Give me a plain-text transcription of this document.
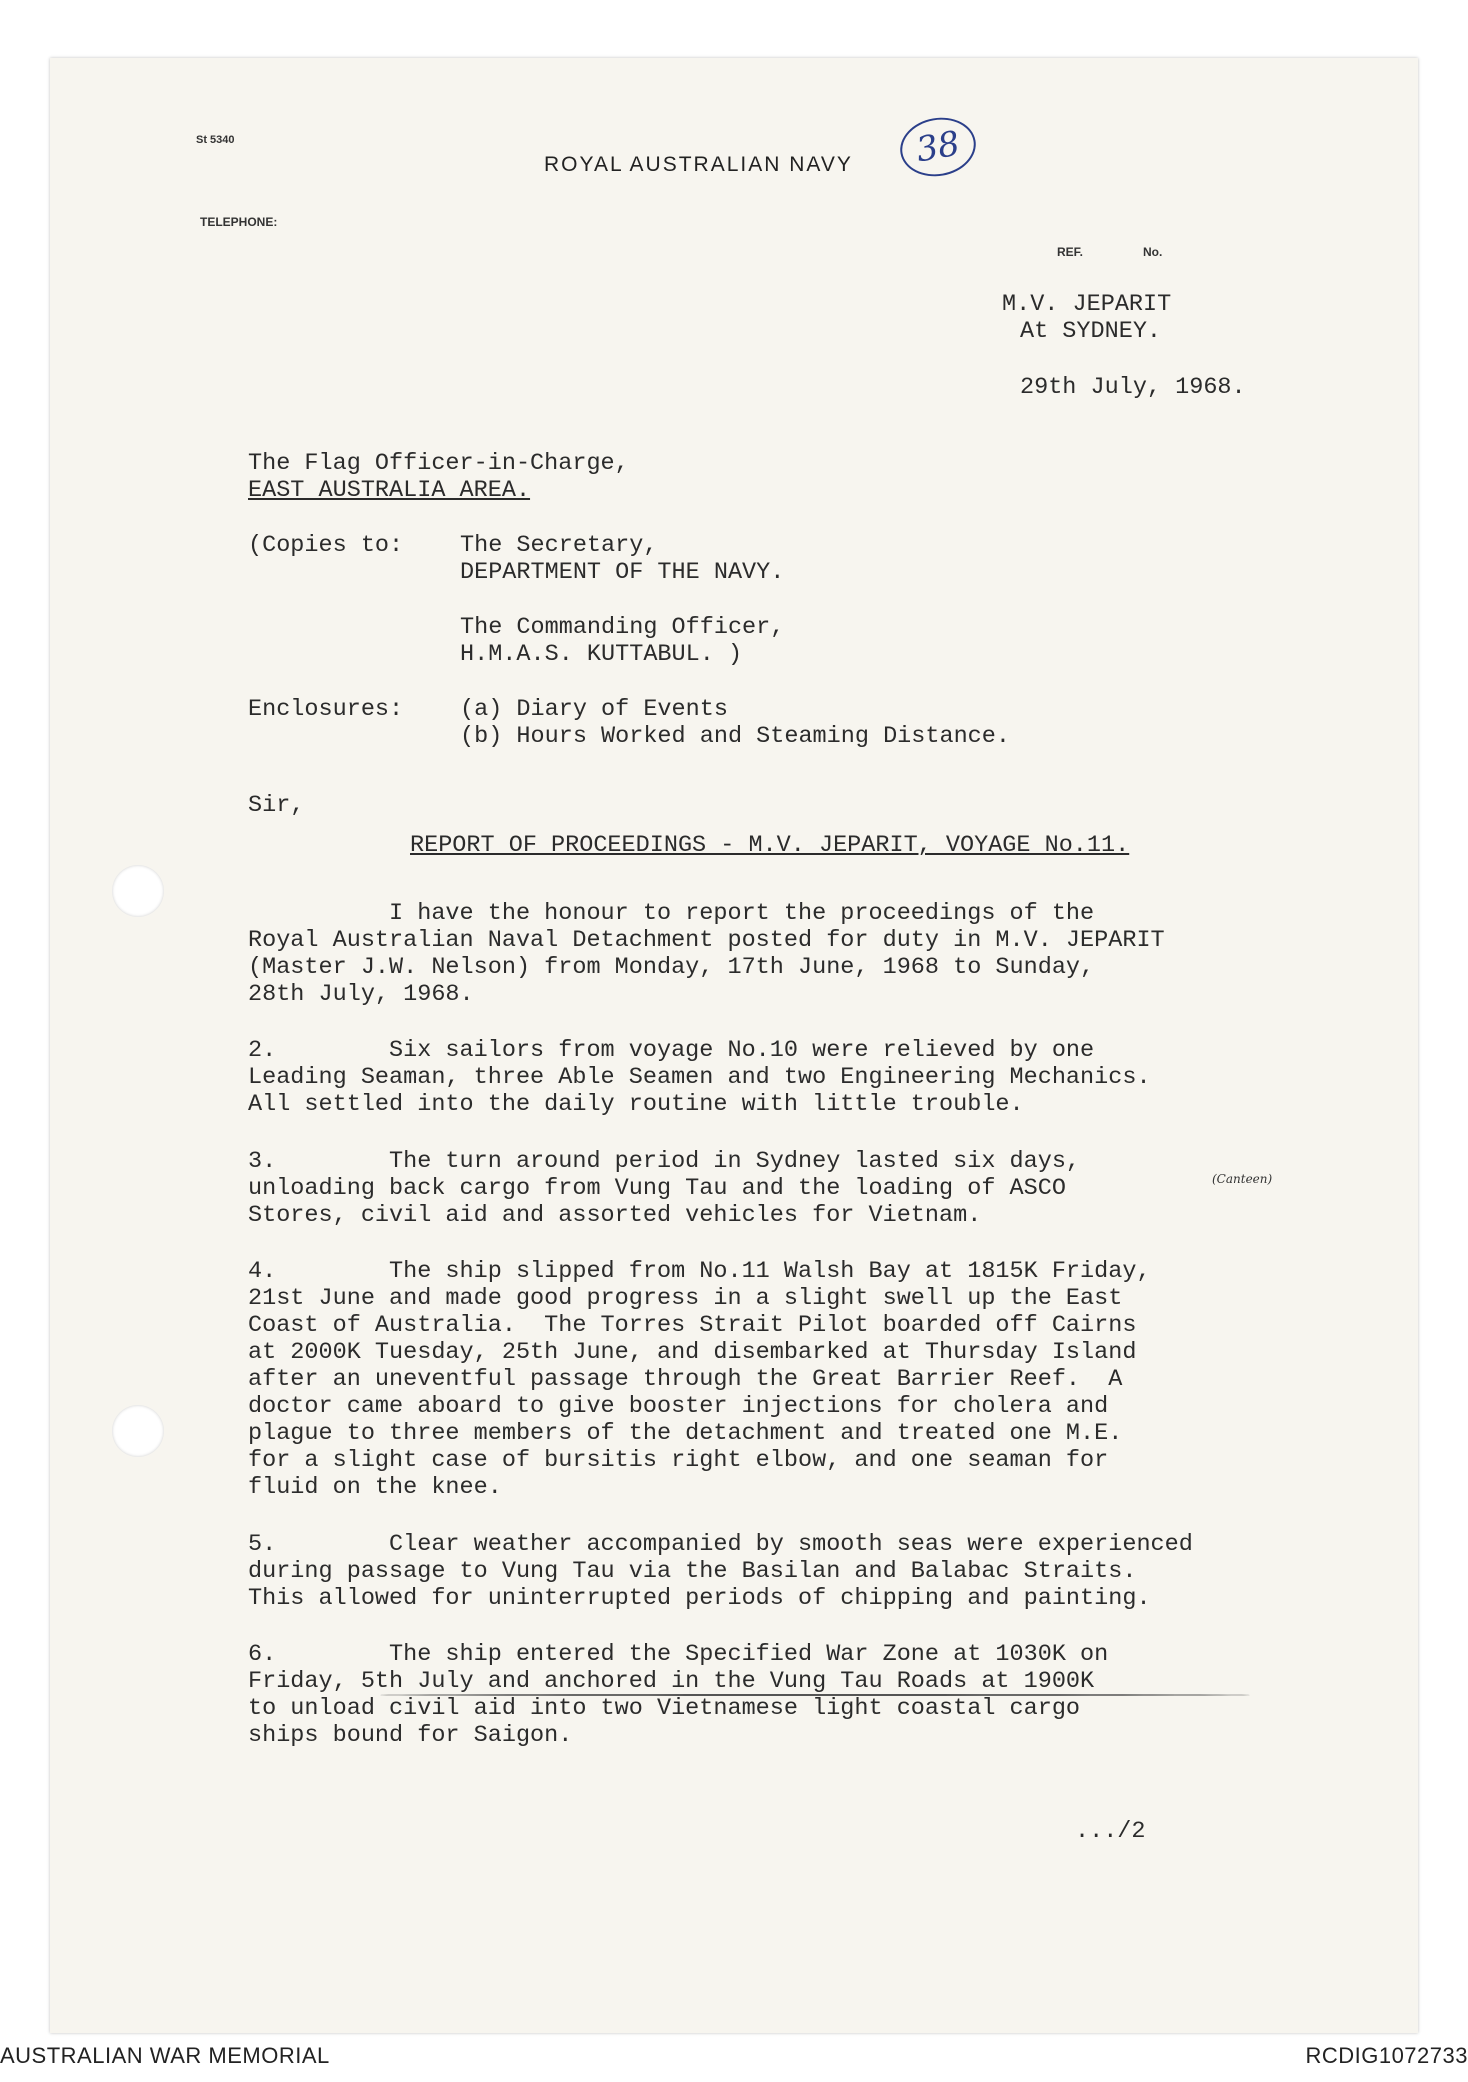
St 5340
ROYAL AUSTRALIAN NAVY	38
TELEPHONE:
REF.	No.
M.V. JEPARIT
At SYDNEY.
29th July, 1968.
The Flag Officer-in-Charge,
EAST AUSTRALIA AREA.
(Copies to: The Secretary,
DEPARTMENT OF THE NAVY.
The Commanding Officer,
H.M.A.S. KUTTABUL. )
Enclosures: (a) Diary of Events
(b) Hours Worked and Steaming Distance.
Sir,
REPORT OF PROCEEDINGS - M.V. JEPARIT, VOYAGE No.11.
I have the honour to report the proceedings of the
Royal Australian Naval Detachment posted for duty in M.V. JEPARIT
(Master J.W. Nelson) from Monday, 17th June, 1968 to Sunday,
28th July, 1968.
2.        Six sailors from voyage No.10 were relieved by one
Leading Seaman, three Able Seamen and two Engineering Mechanics.
All settled into the daily routine with little trouble.
3.        The turn around period in Sydney lasted six days,
unloading back cargo from Vung Tau and the loading of ASCO	(Canteen)
Stores, civil aid and assorted vehicles for Vietnam.
4.        The ship slipped from No.11 Walsh Bay at 1815K Friday,
21st June and made good progress in a slight swell up the East
Coast of Australia.  The Torres Strait Pilot boarded off Cairns
at 2000K Tuesday, 25th June, and disembarked at Thursday Island
after an uneventful passage through the Great Barrier Reef.  A
doctor came aboard to give booster injections for cholera and
plague to three members of the detachment and treated one M.E.
for a slight case of bursitis right elbow, and one seaman for
fluid on the knee.
5.        Clear weather accompanied by smooth seas were experienced
during passage to Vung Tau via the Basilan and Balabac Straits.
This allowed for uninterrupted periods of chipping and painting.
6.        The ship entered the Specified War Zone at 1030K on
Friday, 5th July and anchored in the Vung Tau Roads at 1900K
to unload civil aid into two Vietnamese light coastal cargo
ships bound for Saigon.
.../2
AUSTRALIAN WAR MEMORIAL	RCDIG1072733
